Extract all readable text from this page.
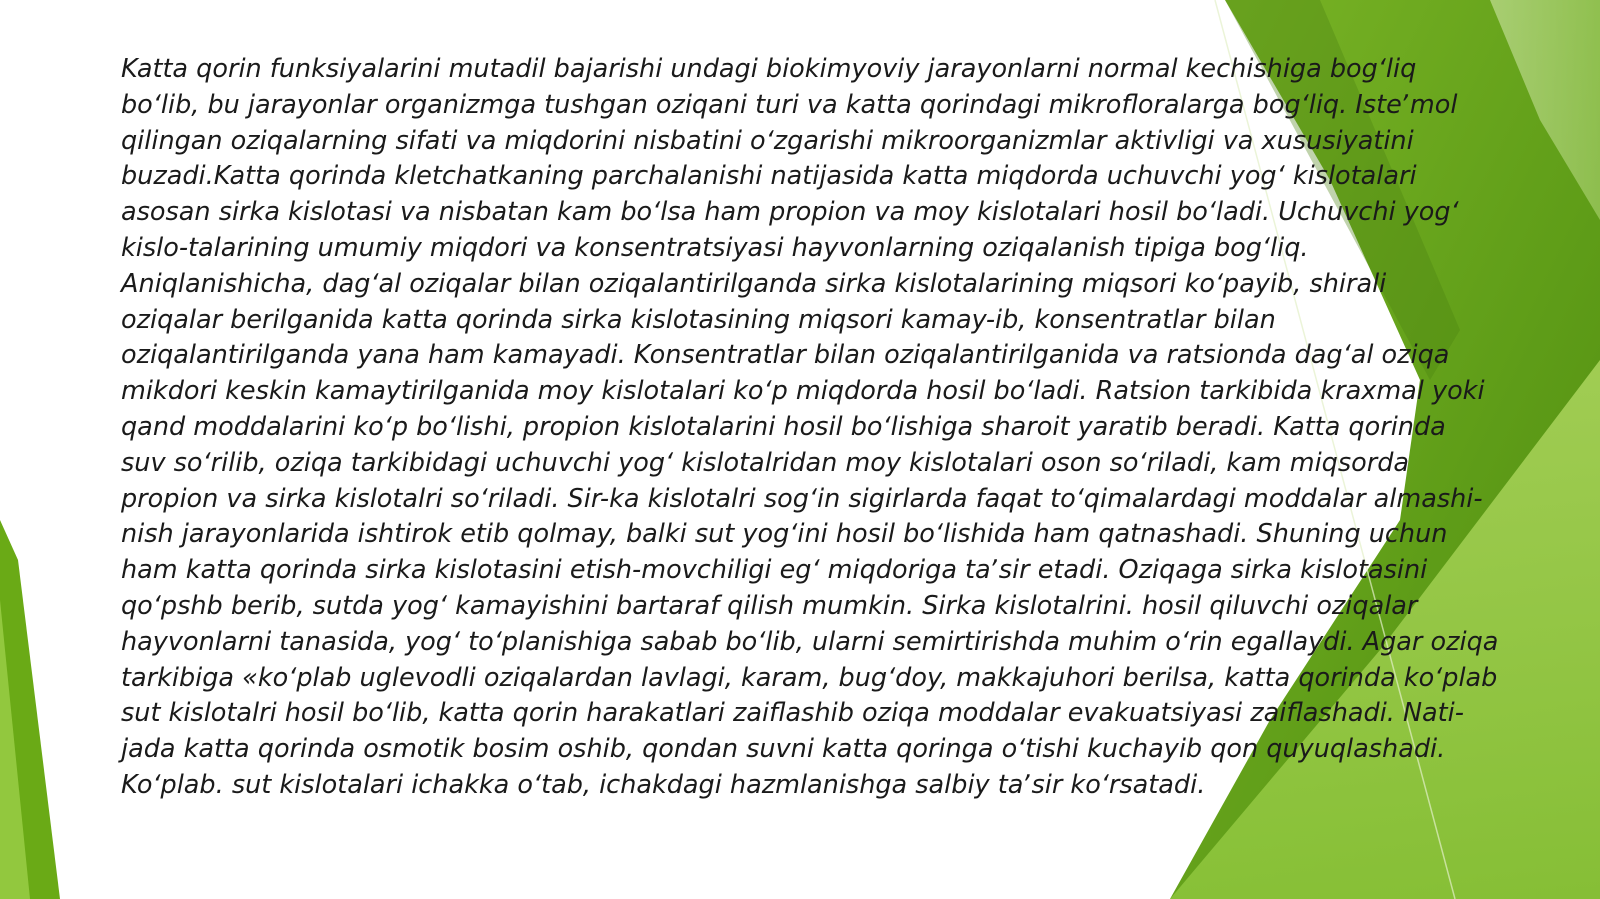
Katta qorin funksiyalarini mutadil bajarishi undagi biokimyoviy jarayonlarni normal kechishiga bogʻliq
boʻlib, bu jarayonlar organizmga tushgan oziqani turi va katta qorindagi mikrofloralarga bogʻliq. Isteʼmol
qilingan oziqalarning sifati va miqdorini nisbatini oʻzgarishi mikroorganizmlar aktivligi va xususiyatini
buzadi.Katta qorinda kletchatkaning parchalanishi natijasida katta miqdorda uchuvchi yogʻ kislotalari
asosan sirka kislotasi va nisbatan kam boʻlsa ham propion va moy kislotalari hosil boʻladi. Uchuvchi yogʻ
kislo-talarining umumiy miqdori va konsentratsiyasi hayvonlarning oziqalanish tipiga bogʻliq.
Aniqlanishicha, dagʻal oziqalar bilan oziqalantirilganda sirka kislotalarining miqsori koʻpayib, shirali
oziqalar berilganida katta qorinda sirka kislotasining miqsori kamay-ib, konsentratlar bilan
oziqalantirilganda yana ham kamayadi. Konsentratlar bilan oziqalantirilganida va ratsionda dagʻal oziqa
mikdori keskin kamaytirilganida moy kislotalari koʻp miqdorda hosil boʻladi. Ratsion tarkibida kraxmal yoki
qand moddalarini koʻp boʻlishi, propion kislotalarini hosil boʻlishiga sharoit yaratib beradi. Katta qorinda
suv soʻrilib, oziqa tarkibidagi uchuvchi yogʻ kislotalridan moy kislotalari oson soʻriladi, kam miqsorda
propion va sirka kislotalri soʻriladi. Sir-ka kislotalri sogʻin sigirlarda faqat toʻqimalardagi moddalar almashi-
nish jarayonlarida ishtirok etib qolmay, balki sut yogʻini hosil boʻlishida ham qatnashadi. Shuning uchun
ham katta qorinda sirka kislotasini etish-movchiligi egʻ miqdoriga taʼsir etadi. Oziqaga sirka kislotasini
qoʻpshb berib, sutda yogʻ kamayishini bartaraf qilish mumkin. Sirka kislotalrini. hosil qiluvchi oziqalar
hayvonlarni tanasida, yogʻ toʻplanishiga sabab boʻlib, ularni semirtirishda muhim oʻrin egallaydi. Agar oziqa
tarkibiga «koʻplab uglevodli oziqalardan lavlagi, karam, bugʻdoy, makkajuhori berilsa, katta qorinda koʻplab
sut kislotalri hosil boʻlib, katta qorin harakatlari zaiflashib oziqa moddalar evakuatsiyasi zaiflashadi. Nati-
jada katta qorinda osmotik bosim oshib, qondan suvni katta qoringa oʻtishi kuchayib qon quyuqlashadi.
Koʻplab. sut kislotalari ichakka oʻtab, ichakdagi hazmlanishga salbiy taʼsir koʻrsatadi.
